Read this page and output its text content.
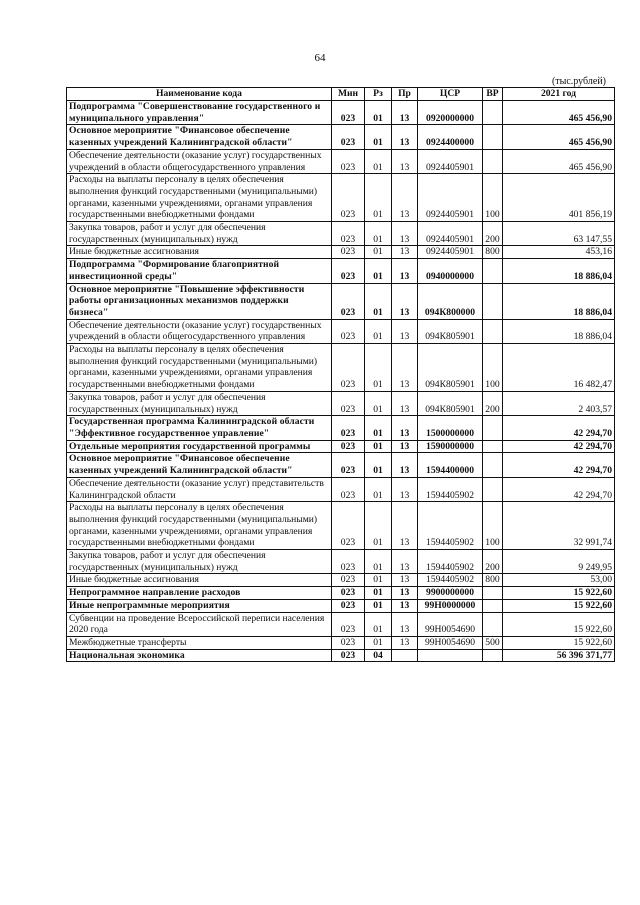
64
(тыс.рублей)
Наименование кода	Мин	Рз	Пр	ЦСР	ВР	2021 год
Подпрограмма "Совершенствование государственного и муниципального управления"	023	01	13	0920000000		465 456,90
Основное мероприятие "Финансовое обеспечение казенных учреждений Калининградской области"	023	01	13	0924400000		465 456,90
Обеспечение деятельности (оказание услуг) государственных учреждений в области общегосударственного управления	023	01	13	0924405901		465 456,90
Расходы на выплаты персоналу в целях обеспечения выполнения функций государственными (муниципальными) органами, казенными учреждениями, органами управления государственными внебюджетными фондами	023	01	13	0924405901	100	401 856,19
Закупка товаров, работ и услуг для обеспечения государственных (муниципальных) нужд	023	01	13	0924405901	200	63 147,55
Иные бюджетные ассигнования	023	01	13	0924405901	800	453,16
Подпрограмма "Формирование благоприятной инвестиционной среды"	023	01	13	0940000000		18 886,04
Основное мероприятие "Повышение эффективности работы организационных механизмов поддержки бизнеса"	023	01	13	094К800000		18 886,04
Обеспечение деятельности (оказание услуг) государственных учреждений в области общегосударственного управления	023	01	13	094К805901		18 886,04
Расходы на выплаты персоналу в целях обеспечения выполнения функций государственными (муниципальными) органами, казенными учреждениями, органами управления государственными внебюджетными фондами	023	01	13	094К805901	100	16 482,47
Закупка товаров, работ и услуг для обеспечения государственных (муниципальных) нужд	023	01	13	094К805901	200	2 403,57
Государственная программа Калининградской области "Эффективное государственное управление"	023	01	13	1500000000		42 294,70
Отдельные мероприятия государственной программы	023	01	13	1590000000		42 294,70
Основное мероприятие "Финансовое обеспечение казенных учреждений Калининградской области"	023	01	13	1594400000		42 294,70
Обеспечение деятельности (оказание услуг) представительств Калининградской области	023	01	13	1594405902		42 294,70
Расходы на выплаты персоналу в целях обеспечения выполнения функций государственными (муниципальными) органами, казенными учреждениями, органами управления государственными внебюджетными фондами	023	01	13	1594405902	100	32 991,74
Закупка товаров, работ и услуг для обеспечения государственных (муниципальных) нужд	023	01	13	1594405902	200	9 249,95
Иные бюджетные ассигнования	023	01	13	1594405902	800	53,00
Непрограммное направление расходов	023	01	13	9900000000		15 922,60
Иные непрограммные мероприятия	023	01	13	99Н0000000		15 922,60
Субвенции на проведение Всероссийской переписи населения 2020 года	023	01	13	99Н0054690		15 922,60
Межбюджетные трансферты	023	01	13	99Н0054690	500	15 922,60
Национальная экономика	023	04				56 396 371,77
